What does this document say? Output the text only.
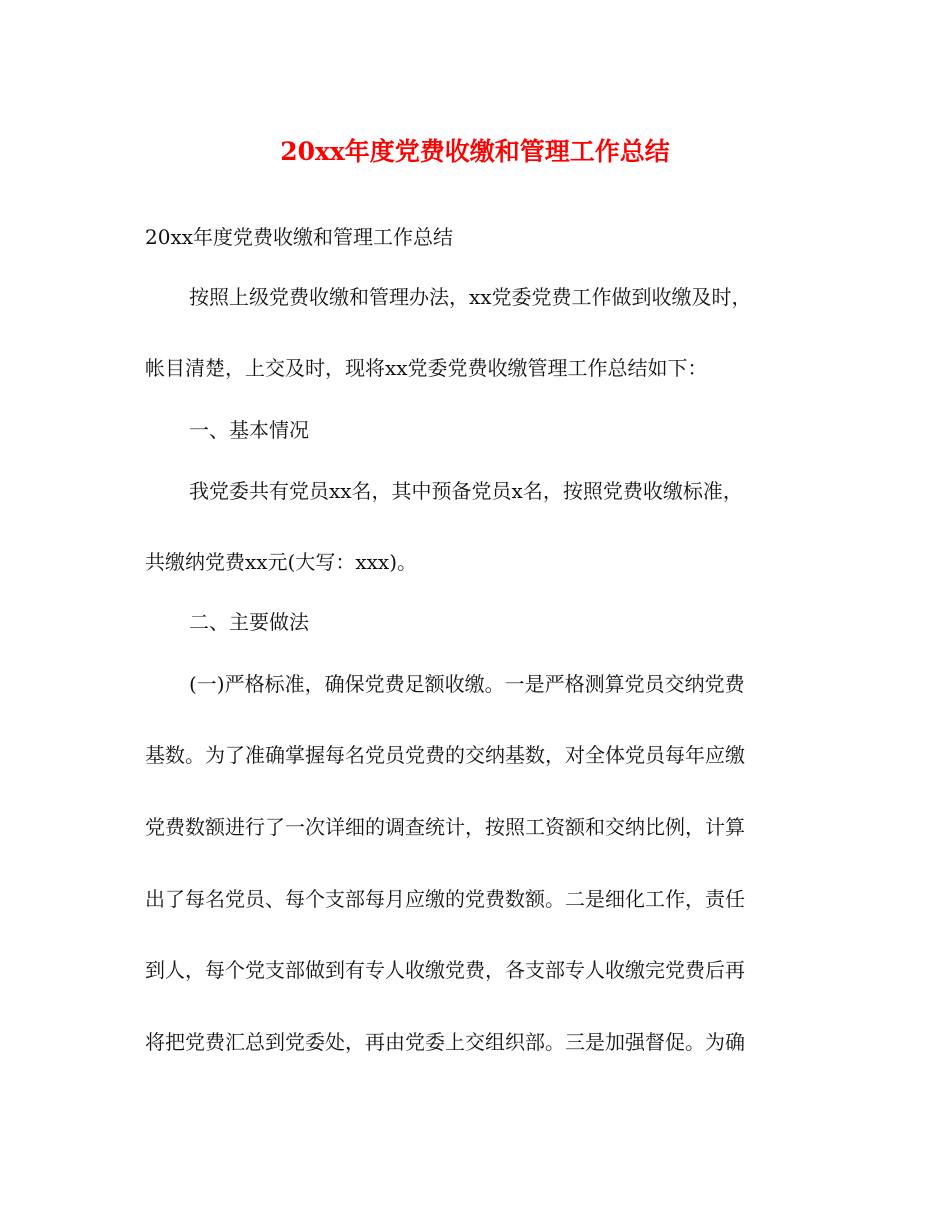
20xx年度党费收缴和管理工作总结
20xx年度党费收缴和管理工作总结
按照上级党费收缴和管理办法，xx党委党费工作做到收缴及时，
帐目清楚，上交及时，现将xx党委党费收缴管理工作总结如下：
一、基本情况
我党委共有党员xx名，其中预备党员x名，按照党费收缴标准，
共缴纳党费xx元(大写：xxx)。
二、主要做法
(一)严格标准，确保党费足额收缴。一是严格测算党员交纳党费
基数。为了准确掌握每名党员党费的交纳基数，对全体党员每年应缴
党费数额进行了一次详细的调查统计，按照工资额和交纳比例，计算
出了每名党员、每个支部每月应缴的党费数额。二是细化工作，责任
到人，每个党支部做到有专人收缴党费，各支部专人收缴完党费后再
将把党费汇总到党委处，再由党委上交组织部。三是加强督促。为确
